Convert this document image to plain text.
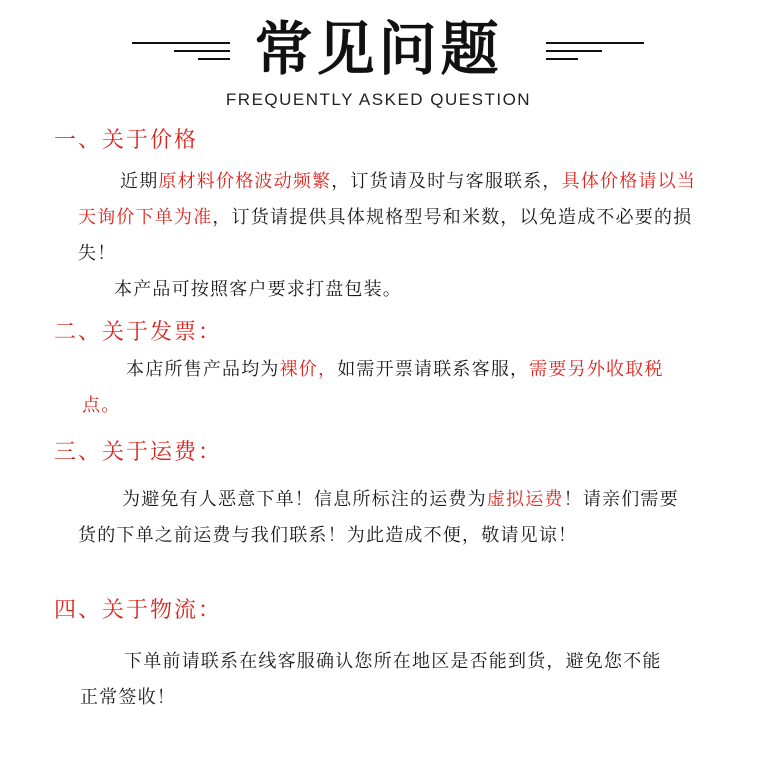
常见问题
FREQUENTLY ASKED QUESTION
一、关于价格
近期原材料价格波动频繁，订货请及时与客服联系，具体价格请以当天询价下单为准，订货请提供具体规格型号和米数，以免造成不必要的损失！
本产品可按照客户要求打盘包装。
二、关于发票：
本店所售产品均为裸价，如需开票请联系客服，需要另外收取税点。
三、关于运费：
为避免有人恶意下单！信息所标注的运费为虚拟运费！请亲们需要货的下单之前运费与我们联系！为此造成不便，敬请见谅！
四、关于物流：
下单前请联系在线客服确认您所在地区是否能到货，避免您不能正常签收！
